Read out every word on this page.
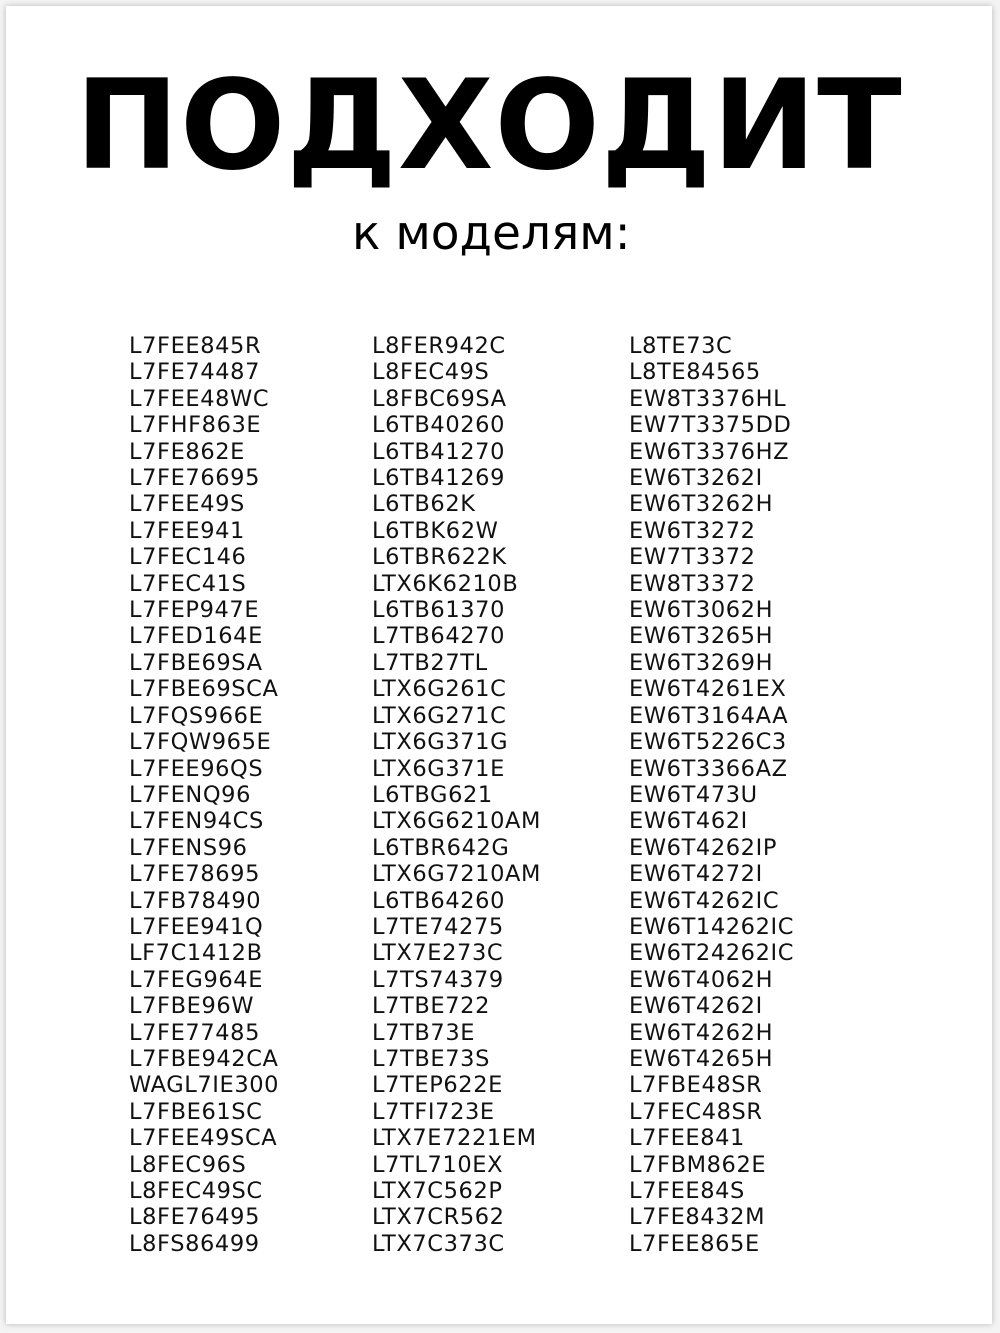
ПОДХОДИТ

к моделям:

L7FEE845R
L7FE74487
L7FEE48WC
L7FHF863E
L7FE862E
L7FE76695
L7FEE49S
L7FEE941
L7FEC146
L7FEC41S
L7FEP947E
L7FED164E
L7FBE69SA
L7FBE69SCA
L7FQS966E
L7FQW965E
L7FEE96QS
L7FENQ96
L7FEN94CS
L7FENS96
L7FE78695
L7FB78490
L7FEE941Q
LF7C1412B
L7FEG964E
L7FBE96W
L7FE77485
L7FBE942CA
WAGL7IE300
L7FBE61SC
L7FEE49SCA
L8FEC96S
L8FEC49SC
L8FE76495
L8FS86499
L8FER942C
L8FEC49S
L8FBC69SA
L6TB40260
L6TB41270
L6TB41269
L6TB62K
L6TBK62W
L6TBR622K
LTX6K6210B
L6TB61370
L7TB64270
L7TB27TL
LTX6G261C
LTX6G271C
LTX6G371G
LTX6G371E
L6TBG621
LTX6G6210AM
L6TBR642G
LTX6G7210AM
L6TB64260
L7TE74275
LTX7E273C
L7TS74379
L7TBE722
L7TB73E
L7TBE73S
L7TEP622E
L7TFI723E
LTX7E7221EM
L7TL710EX
LTX7C562P
LTX7CR562
LTX7C373C
L8TE73C
L8TE84565
EW8T3376HL
EW7T3375DD
EW6T3376HZ
EW6T3262I
EW6T3262H
EW6T3272
EW7T3372
EW8T3372
EW6T3062H
EW6T3265H
EW6T3269H
EW6T4261EX
EW6T3164AA
EW6T5226C3
EW6T3366AZ
EW6T473U
EW6T462I
EW6T4262IP
EW6T4272I
EW6T4262IC
EW6T14262IC
EW6T24262IC
EW6T4062H
EW6T4262I
EW6T4262H
EW6T4265H
L7FBE48SR
L7FEC48SR
L7FEE841
L7FBM862E
L7FEE84S
L7FE8432M
L7FEE865E
